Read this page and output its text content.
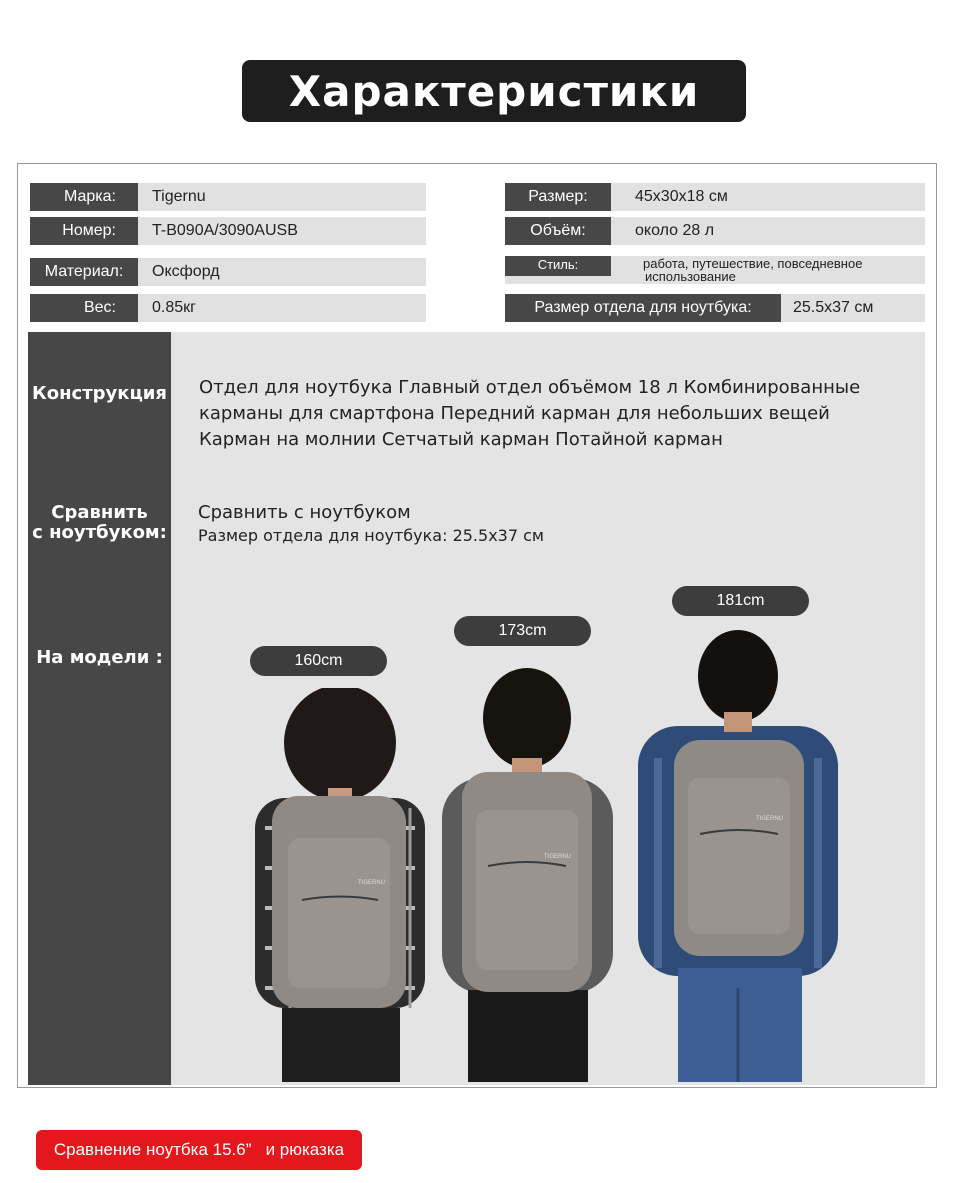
Характеристики
Марка:	Tigernu
Номер:	T-B090A/3090AUSB
Материал:	Оксфорд
Вес:	0.85кг
Размер:	45x30x18 см
Объём:	около 28 л
Стиль:	работа, путешествие, повседневное
использование
Размер отдела для ноутбука:	25.5x37 см
Конструкция Отдел для ноутбука Главный отдел объёмом 18 л Комбинированные
карманы для смартфона Передний карман для небольших вещей
Карман на молнии Сетчатый карман Потайной карман
Сравнить
с ноутбуком:
Сравнить с ноутбуком
Размер отдела для ноутбука: 25.5x37 см
На модели :	160cm
173cm
181cm
TIGERNU
TIGERNU
TIGERNU
Сравнение ноутбка 15.6”   и рюказка
